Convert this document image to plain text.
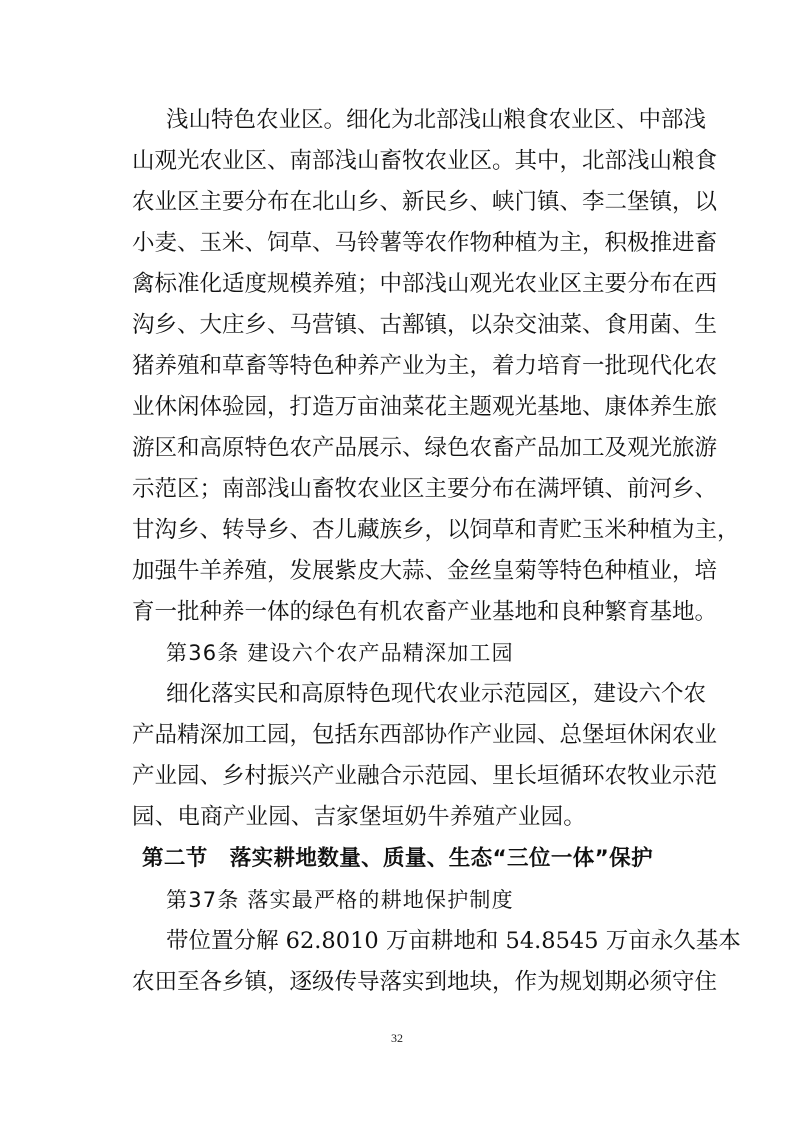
浅山特色农业区。细化为北部浅山粮食农业区、中部浅
山观光农业区、南部浅山畜牧农业区。其中，北部浅山粮食
农业区主要分布在北山乡、新民乡、峡门镇、李二堡镇，以
小麦、玉米、饲草、马铃薯等农作物种植为主，积极推进畜
禽标准化适度规模养殖；中部浅山观光农业区主要分布在西
沟乡、大庄乡、马营镇、古鄯镇，以杂交油菜、食用菌、生
猪养殖和草畜等特色种养产业为主，着力培育一批现代化农
业休闲体验园，打造万亩油菜花主题观光基地、康体养生旅
游区和高原特色农产品展示、绿色农畜产品加工及观光旅游
示范区；南部浅山畜牧农业区主要分布在满坪镇、前河乡、
甘沟乡、转导乡、杏儿藏族乡，以饲草和青贮玉米种植为主，
加强牛羊养殖，发展紫皮大蒜、金丝皇菊等特色种植业，培
育一批种养一体的绿色有机农畜产业基地和良种繁育基地。
第36条 建设六个农产品精深加工园
细化落实民和高原特色现代农业示范园区，建设六个农
产品精深加工园，包括东西部协作产业园、总堡垣休闲农业
产业园、乡村振兴产业融合示范园、里长垣循环农牧业示范
园、电商产业园、吉家堡垣奶牛养殖产业园。
第二节 落实耕地数量、质量、生态“三位一体”保护
第37条 落实最严格的耕地保护制度
带位置分解 62.8010 万亩耕地和 54.8545 万亩永久基本
农田至各乡镇，逐级传导落实到地块，作为规划期必须守住
32
